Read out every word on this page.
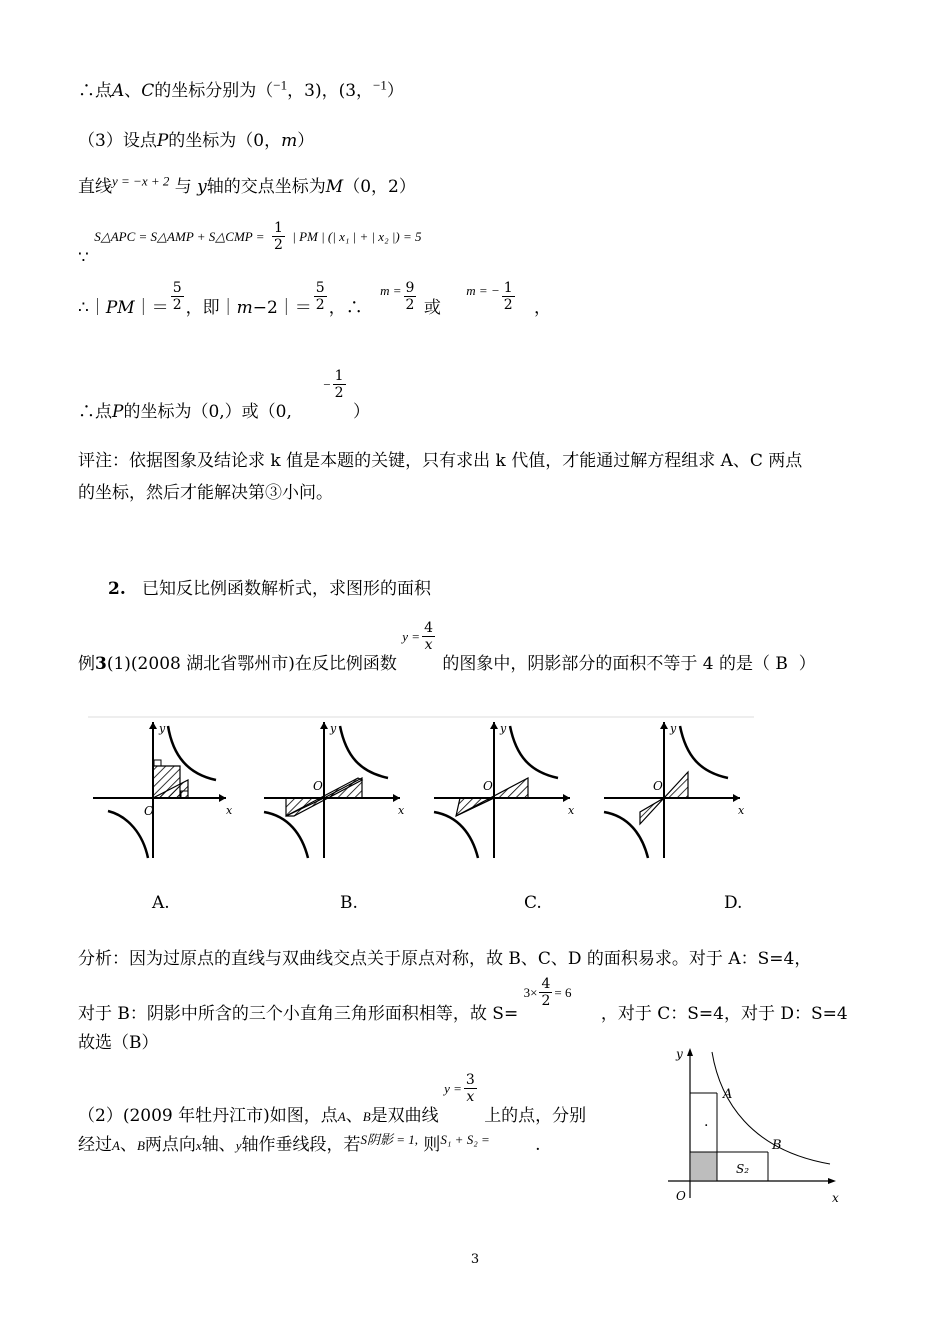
∴点A、C的坐标分别为（$^{-1}$，3)，(3，$^{-1}$）
（3）设点P的坐标为（0，m）
直线$^{y = -x + 2}$ 与 y轴的交点坐标为M（0，2）
∵ $^{S\triangle APC = S\triangle AMP + S\triangle CMP =} \frac{1}{2} ^{| PM | (| x_1 | + | x_2 |) = 5}$
∴｜PM｜＝ $\frac{5}{2}$ ，即｜m−2｜＝ $\frac{5}{2}$ ，∴ $^{m =} \frac{9}{2}$ 或 $^{m = -} \frac{1}{2}$ ，
∴点P的坐标为（0,）或（0, − $\frac{1}{2}$
）
评注：依据图象及结论求 k 值是本题的关键，只有求出 k 代值，才能通过解方程组求 A、C 两点
的坐标，然后才能解决第③小问。
2. 已知反比例函数解析式，求图形的面积
例3(1)(2008 湖北省鄂州市)在反比例函数 $y = \frac{4}{x}$
的图象中，阴影部分的面积不等于 4 的是（ B ）
O	x
y
O
x
y
O
x
y
O
x
y
A.	B.	C.	D.
分析：因为过原点的直线与双曲线交点关于原点对称，故 B、C、D 的面积易求。对于 A：S=4，
对于 B：阴影中所含的三个小直角三角形面积相等，故 $S= 3\times \frac{4}{2} = 6$ ，对于 C：S=4，对于 D：S=4
故选（B）
（2）(2009 年牡丹江市)如图，点$_A$、$_B$是双曲线 $y = \frac{3}{x}$
上的点，分别
经过A、B两点向x轴、y轴作垂线段，若$^{S阴影 = 1,}$ 则$^{S_1 + S_2 =}$	.
A
B
S₂
.
O	x
y
3
